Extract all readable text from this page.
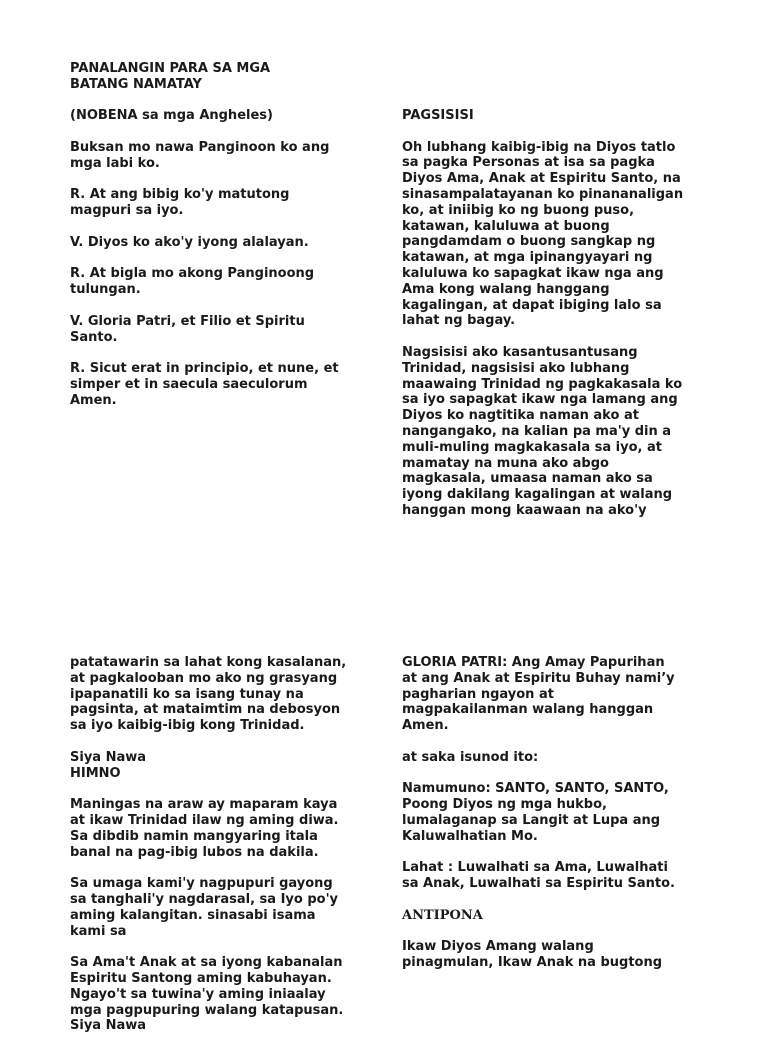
PANALANGIN PARA SA MGA
BATANG NAMATAY
(NOBENA sa mga Angheles)
Buksan mo nawa Panginoon ko ang
mga labi ko.
R. At ang bibig ko'y matutong
magpuri sa iyo.
V. Diyos ko ako'y iyong alalayan.
R. At bigla mo akong Panginoong
tulungan.
V. Gloria Patri, et Filio et Spiritu
Santo.
R. Sicut erat in principio, et nune, et
simper et in saecula saeculorum
Amen.
PAGSISISI
Oh lubhang kaibig-ibig na Diyos tatlo
sa pagka Personas at isa sa pagka
Diyos Ama, Anak at Espiritu Santo, na
sinasampalatayanan ko pinananaligan
ko, at iniibig ko ng buong puso,
katawan, kaluluwa at buong
pangdamdam o buong sangkap ng
katawan, at mga ipinangyayari ng
kaluluwa ko sapagkat ikaw nga ang
Ama kong walang hanggang
kagalingan, at dapat ibiging lalo sa
lahat ng bagay.
Nagsisisi ako kasantusantusang
Trinidad, nagsisisi ako lubhang
maawaing Trinidad ng pagkakasala ko
sa iyo sapagkat ikaw nga lamang ang
Diyos ko nagtitika naman ako at
nangangako, na kalian pa ma'y din a
muli-muling magkakasala sa iyo, at
mamatay na muna ako abgo
magkasala, umaasa naman ako sa
iyong dakilang kagalingan at walang
hanggan mong kaawaan na ako'y
patatawarin sa lahat kong kasalanan,
at pagkalooban mo ako ng grasyang
ipapanatili ko sa isang tunay na
pagsinta, at mataimtim na debosyon
sa iyo kaibig-ibig kong Trinidad.
Siya Nawa
HIMNO
Maningas na araw ay maparam kaya
at ikaw Trinidad ilaw ng aming diwa.
Sa dibdib namin mangyaring itala
banal na pag-ibig lubos na dakila.
Sa umaga kami'y nagpupuri gayong
sa tanghali'y nagdarasal, sa Iyo po'y
aming kalangitan. sinasabi isama
kami sa
Sa Ama't Anak at sa iyong kabanalan
Espiritu Santong aming kabuhayan.
Ngayo't sa tuwina'y aming iniaalay
mga pagpupuring walang katapusan.
Siya Nawa
GLORIA PATRI: Ang Amay Papurihan
at ang Anak at Espiritu Buhay nami’y
pagharian ngayon at
magpakailanman walang hanggan
Amen.
at saka isunod ito:
Namumuno: SANTO, SANTO, SANTO,
Poong Diyos ng mga hukbo,
lumalaganap sa Langit at Lupa ang
Kaluwalhatian Mo.
Lahat : Luwalhati sa Ama, Luwalhati
sa Anak, Luwalhati sa Espiritu Santo.
ANTIPONA
Ikaw Diyos Amang walang
pinagmulan, Ikaw Anak na bugtong
